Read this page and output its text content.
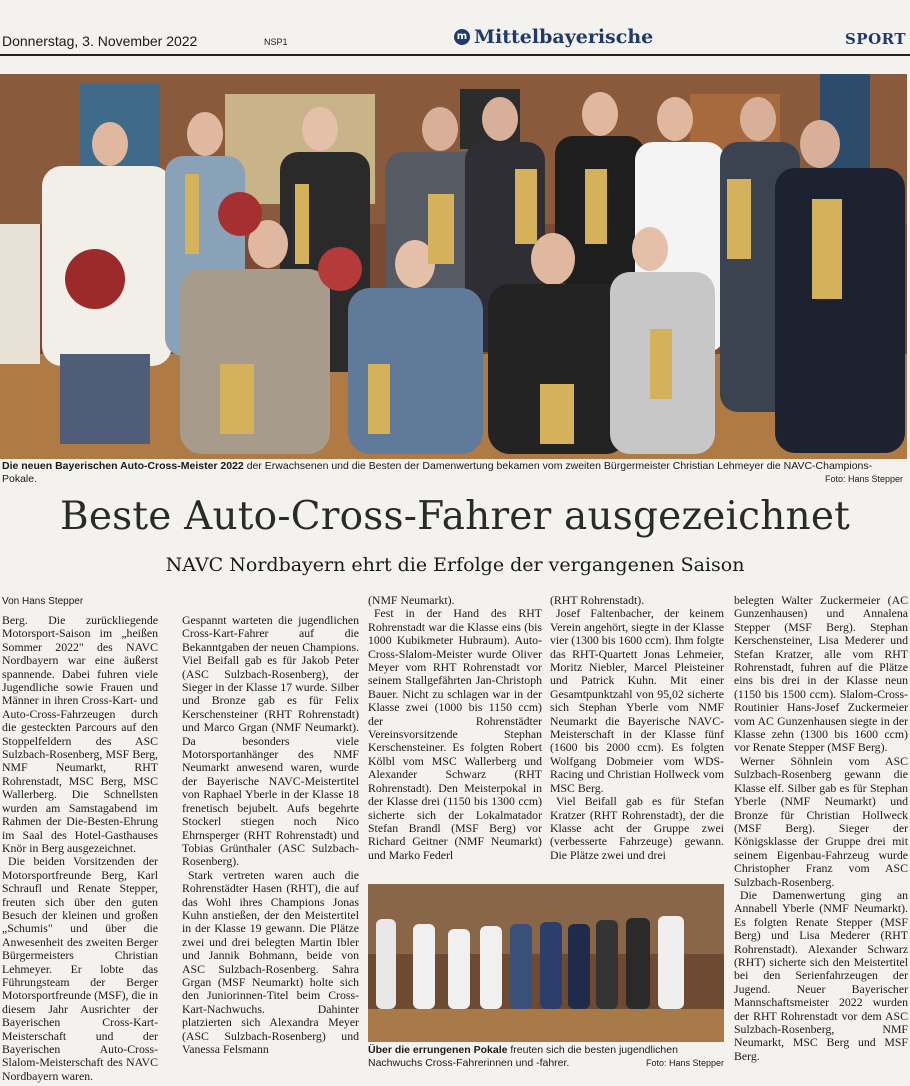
Donnerstag, 3. November 2022	NSP1	m Mittelbayerische	SPORT
Die neuen Bayerischen Auto-Cross-Meister 2022 der Erwachsenen und die Besten der Damenwertung bekamen vom zweiten Bürgermeister Christian Lehmeyer die NAVC-Champions-Pokale.	Foto: Hans Stepper
Beste Auto-Cross-Fahrer ausgezeichnet
NAVC Nordbayern ehrt die Erfolge der vergangenen Saison
Von Hans Stepper

Berg. Die zurückliegende Motorsport-Saison im „heißen Sommer 2022" des NAVC Nordbayern war eine äußerst spannende. Dabei fuhren viele Jugendliche sowie Frauen und Männer in ihren Cross-Kart- und Auto-Cross-Fahrzeugen durch die gesteckten Parcours auf den Stoppelfeldern des ASC Sulzbach-Rosenberg, MSF Berg, NMF Neumarkt, RHT Rohrenstadt, MSC Berg, MSC Wallerberg. Die Schnellsten wurden am Samstagabend im Rahmen der Die-Besten-Ehrung im Saal des Hotel-Gasthauses Knör in Berg ausgezeichnet.

Die beiden Vorsitzenden der Motorsportfreunde Berg, Karl Schraufl und Renate Stepper, freuten sich über den guten Besuch der kleinen und großen „Schumis" und über die Anwesenheit des zweiten Berger Bürgermeisters Christian Lehmeyer. Er lobte das Führungsteam der Berger Motorsportfreunde (MSF), die in diesem Jahr Ausrichter der Bayerischen Cross-Kart-Meisterschaft und der Bayerischen Auto-Cross-Slalom-Meisterschaft des NAVC Nordbayern waren.

Gespannt warteten die jugendlichen Cross-Kart-Fahrer auf die Bekanntgaben der neuen Champions. Viel Beifall gab es für Jakob Peter (ASC Sulzbach-Rosenberg), der Sieger in der Klasse 17 wurde. Silber und Bronze gab es für Felix Kerschensteiner (RHT Rohrenstadt) und Marco Grgan (NMF Neumarkt). Da besonders viele Motorsportanhänger des NMF Neumarkt anwesend waren, wurde der Bayerische NAVC-Meistertitel von Raphael Yberle in der Klasse 18 frenetisch bejubelt. Aufs begehrte Stockerl stiegen noch Nico Ehrnsperger (RHT Rohrenstadt) und Tobias Grünthaler (ASC Sulzbach-Rosenberg).

Stark vertreten waren auch die Rohrenstädter Hasen (RHT), die auf das Wohl ihres Champions Jonas Kuhn anstießen, der den Meistertitel in der Klasse 19 gewann. Die Plätze zwei und drei belegten Martin Ibler und Jannik Bohmann, beide von ASC Sulzbach-Rosenberg. Sahra Grgan (MSF Neumarkt) holte sich den Juniorinnen-Titel beim Cross-Kart-Nachwuchs. Dahinter platzierten sich Alexandra Meyer (ASC Sulzbach-Rosenberg) und Vanessa Felsmann

(NMF Neumarkt).

Fest in der Hand des RHT Rohrenstadt war die Klasse eins (bis 1000 Kubikmeter Hubraum). Auto-Cross-Slalom-Meister wurde Oliver Meyer vom RHT Rohrenstadt vor seinem Stallgefährten Jan-Christoph Bauer. Nicht zu schlagen war in der Klasse zwei (1000 bis 1150 ccm) der Rohrenstädter Vereinsvorsitzende Stephan Kerschensteiner. Es folgten Robert Kölbl vom MSC Wallerberg und Alexander Schwarz (RHT Rohrenstadt). Den Meisterpokal in der Klasse drei (1150 bis 1300 ccm) sicherte sich der Lokalmatador Stefan Brandl (MSF Berg) vor Richard Geitner (NMF Neumarkt) und Marko Federl

(RHT Rohrenstadt).

Josef Faltenbacher, der keinem Verein angehört, siegte in der Klasse vier (1300 bis 1600 ccm). Ihm folgte das RHT-Quartett Jonas Lehmeier, Moritz Niebler, Marcel Pleisteiner und Patrick Kuhn. Mit einer Gesamtpunktzahl von 95,02 sicherte sich Stephan Yberle vom NMF Neumarkt die Bayerische NAVC-Meisterschaft in der Klasse fünf (1600 bis 2000 ccm). Es folgten Wolfgang Dobmeier vom WDS-Racing und Christian Hollweck vom MSC Berg.

Viel Beifall gab es für Stefan Kratzer (RHT Rohrenstadt), der die Klasse acht der Gruppe zwei (verbesserte Fahrzeuge) gewann. Die Plätze zwei und drei

belegten Walter Zuckermeier (AC Gunzenhausen) und Annalena Stepper (MSF Berg). Stephan Kerschensteiner, Lisa Mederer und Stefan Kratzer, alle vom RHT Rohrenstadt, fuhren auf die Plätze eins bis drei in der Klasse neun (1150 bis 1500 ccm). Slalom-Cross-Routinier Hans-Josef Zuckermeier vom AC Gunzenhausen siegte in der Klasse zehn (1300 bis 1600 ccm) vor Renate Stepper (MSF Berg).

Werner Söhnlein vom ASC Sulzbach-Rosenberg gewann die Klasse elf. Silber gab es für Stephan Yberle (NMF Neumarkt) und Bronze für Christian Hollweck (MSF Berg). Sieger der Königsklasse der Gruppe drei mit seinem Eigenbau-Fahrzeug wurde Christopher Franz vom ASC Sulzbach-Rosenberg.

Die Damenwertung ging an Annabell Yberle (NMF Neumarkt). Es folgten Renate Stepper (MSF Berg) und Lisa Mederer (RHT Rohrenstadt). Alexander Schwarz (RHT) sicherte sich den Meistertitel bei den Serienfahrzeugen der Jugend. Neuer Bayerischer Mannschaftsmeister 2022 wurden der RHT Rohrenstadt vor dem ASC Sulzbach-Rosenberg, NMF Neumarkt, MSC Berg und MSF Berg.

Über die errungenen Pokale freuten sich die besten jugendlichen Nachwuchs Cross-Fahrerinnen und -fahrer.	Foto: Hans Stepper
